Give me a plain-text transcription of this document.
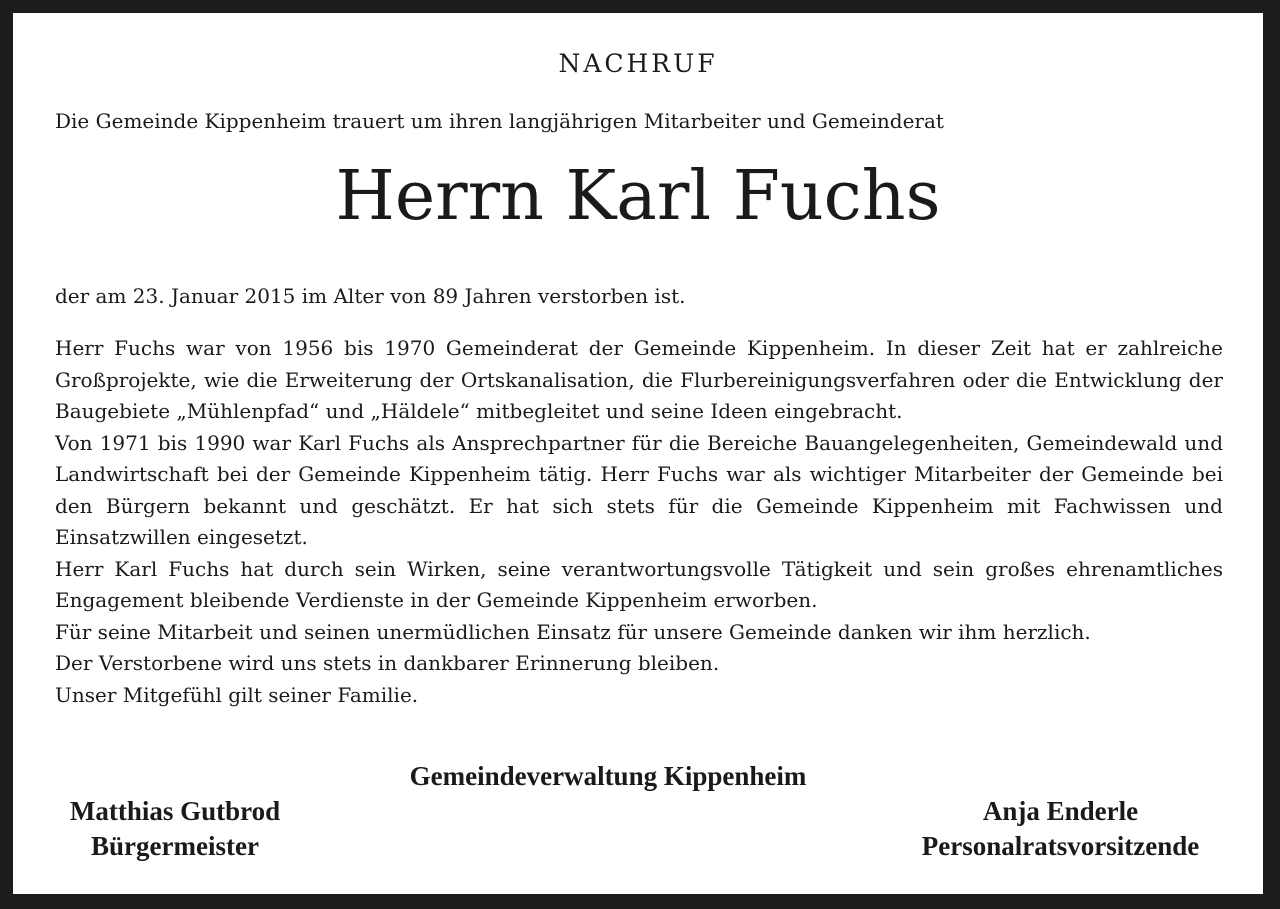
NACHRUF
Die Gemeinde Kippenheim trauert um ihren langjährigen Mitarbeiter und Gemeinderat
Herrn Karl Fuchs
der am 23. Januar 2015 im Alter von 89 Jahren verstorben ist.

Herr Fuchs war von 1956 bis 1970 Gemeinderat der Gemeinde Kippenheim. In dieser Zeit hat er zahlreiche Großprojekte, wie die Erweiterung der Ortskanalisation, die Flurbereinigungsverfahren oder die Entwicklung der Baugebiete „Mühlenpfad“ und „Häldele“ mitbegleitet und seine Ideen eingebracht.

Von 1971 bis 1990 war Karl Fuchs als Ansprechpartner für die Bereiche Bauangelegenheiten, Gemeindewald und Landwirtschaft bei der Gemeinde Kippenheim tätig. Herr Fuchs war als wichtiger Mitarbeiter der Gemeinde bei den Bürgern bekannt und geschätzt. Er hat sich stets für die Gemeinde Kippenheim mit Fachwissen und Einsatzwillen eingesetzt.

Herr Karl Fuchs hat durch sein Wirken, seine verantwortungsvolle Tätigkeit und sein großes ehrenamtliches Engagement bleibende Verdienste in der Gemeinde Kippenheim erworben.

Für seine Mitarbeit und seinen unermüdlichen Einsatz für unsere Gemeinde danken wir ihm herzlich.

Der Verstorbene wird uns stets in dankbarer Erinnerung bleiben.

Unser Mitgefühl gilt seiner Familie.

Gemeindeverwaltung Kippenheim
Matthias Gutbrod
Bürgermeister
Anja Enderle
Personalratsvorsitzende
